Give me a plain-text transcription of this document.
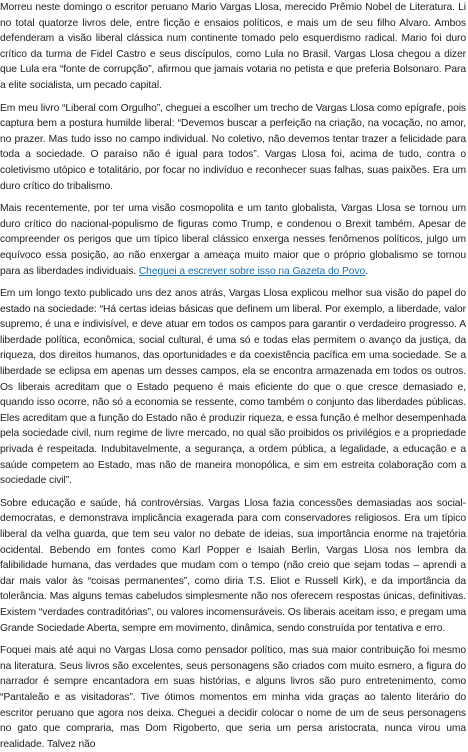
Morreu neste domingo o escritor peruano Mario Vargas Llosa, merecido Prêmio Nobel de Literatura. Li no total quatorze livros dele, entre ficção e ensaios políticos, e mais um de seu filho Alvaro. Ambos defenderam a visão liberal clássica num continente tomado pelo esquerdismo radical. Mario foi duro crítico da turma de Fidel Castro e seus discípulos, como Lula no Brasil. Vargas Llosa chegou a dizer que Lula era “fonte de corrupção”, afirmou que jamais votaria no petista e que preferia Bolsonaro. Para a elite socialista, um pecado capital.

Em meu livro “Liberal com Orgulho”, cheguei a escolher um trecho de Vargas Llosa como epígrafe, pois captura bem a postura humilde liberal: “Devemos buscar a perfeição na criação, na vocação, no amor, no prazer. Mas tudo isso no campo individual. No coletivo, não devemos tentar trazer a felicidade para toda a sociedade. O paraíso não é igual para todos”. Vargas Llosa foi, acima de tudo, contra o coletivismo utópico e totalitário, por focar no indivíduo e reconhecer suas falhas, suas paixões. Era um duro crítico do tribalismo.

Mais recentemente, por ter uma visão cosmopolita e um tanto globalista, Vargas Llosa se tornou um duro crítico do nacional-populismo de figuras como Trump, e condenou o Brexit também. Apesar de compreender os perigos que um típico liberal clássico enxerga nesses fenômenos políticos, julgo um equívoco essa posição, ao não enxergar a ameaça muito maior que o próprio globalismo se tornou para as liberdades individuais. Cheguei a escrever sobre isso na Gazeta do Povo.

Em um longo texto publicado uns dez anos atrás, Vargas Llosa explicou melhor sua visão do papel do estado na sociedade: “Há certas ideias básicas que definem um liberal. Por exemplo, a liberdade, valor supremo, é una e indivisível, e deve atuar em todos os campos para garantir o verdadeiro progresso. A liberdade política, econômica, social cultural, é uma só e todas elas permitem o avanço da justiça, da riqueza, dos direitos humanos, das oportunidades e da coexistência pacífica em uma sociedade. Se a liberdade se eclipsa em apenas um desses campos, ela se encontra armazenada em todos os outros. Os liberais acreditam que o Estado pequeno é mais eficiente do que o que cresce demasiado e, quando isso ocorre, não só a economia se ressente, como também o conjunto das liberdades públicas. Eles acreditam que a função do Estado não é produzir riqueza, e essa função é melhor desempenhada pela sociedade civil, num regime de livre mercado, no qual são proibidos os privilégios e a propriedade privada é respeitada. Indubitavelmente, a segurança, a ordem pública, a legalidade, a educação e a saúde competem ao Estado, mas não de maneira monopólica, e sim em estreita colaboração com a sociedade civil”.

Sobre educação e saúde, há controvérsias. Vargas Llosa fazia concessões demasiadas aos social-democratas, e demonstrava implicância exagerada para com conservadores religiosos. Era um típico liberal da velha guarda, que tem seu valor no debate de ideias, sua importância enorme na trajetória ocidental. Bebendo em fontes como Karl Popper e Isaiah Berlin, Vargas Llosa nos lembra da falibilidade humana, das verdades que mudam com o tempo (não creio que sejam todas – aprendi a dar mais valor às “coisas permanentes”, como diria T.S. Eliot e Russell Kirk), e da importância da tolerância. Mas alguns temas cabeludos simplesmente não nos oferecem respostas únicas, definitivas. Existem “verdades contraditórias”, ou valores incomensuráveis. Os liberais aceitam isso, e pregam uma Grande Sociedade Aberta, sempre em movimento, dinâmica, sendo construída por tentativa e erro.

Foquei mais até aqui no Vargas Llosa como pensador político, mas sua maior contribuição foi mesmo na literatura. Seus livros são excelentes, seus personagens são criados com muito esmero, a figura do narrador é sempre encantadora em suas histórias, e alguns livros são puro entretenimento, como “Pantaleão e as visitadoras”. Tive ótimos momentos em minha vida graças ao talento literário do escritor peruano que agora nos deixa. Cheguei a decidir colocar o nome de um de seus personagens no gato que compraria, mas Dom Rigoberto, que seria um persa aristocrata, nunca virou uma realidade. Talvez não
